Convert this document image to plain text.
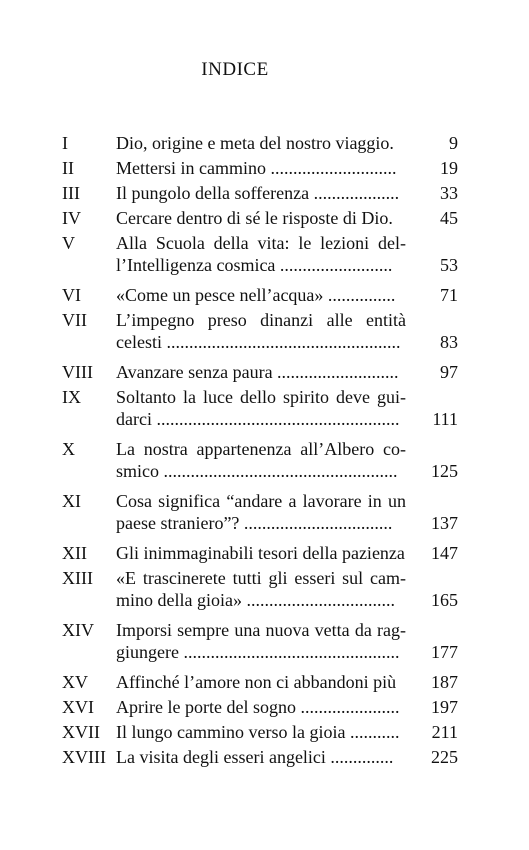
INDICE
I	Dio, origine e meta del nostro viaggio.	9
II	Mettersi in cammino ............................	19
III	Il pungolo della sofferenza ...................	33
IV	Cercare dentro di sé le risposte di Dio.	45
V	Alla Scuola della vita: le lezioni del-
l’Intelligenza cosmica .........................	53
VI	«Come un pesce nell’acqua» ...............	71
VII	L’impegno preso dinanzi alle entità
celesti ....................................................	83
VIII	Avanzare senza paura ...........................	97
IX	Soltanto la luce dello spirito deve gui-
darci ......................................................	111
X	La nostra appartenenza all’Albero co-
smico ....................................................	125
XI	Cosa significa “andare a lavorare in un
paese straniero”? .................................	137
XII	Gli inimmaginabili tesori della pazienza	147
XIII	«E trascinerete tutti gli esseri sul cam-
mino della gioia» .................................	165
XIV	Imporsi sempre una nuova vetta da rag-
giungere ................................................	177
XV	Affinché l’amore non ci abbandoni più	187
XVI	Aprire le porte del sogno ......................	197
XVII Il lungo cammino verso la gioia ...........	211
XVIII La visita degli esseri angelici ..............	225
